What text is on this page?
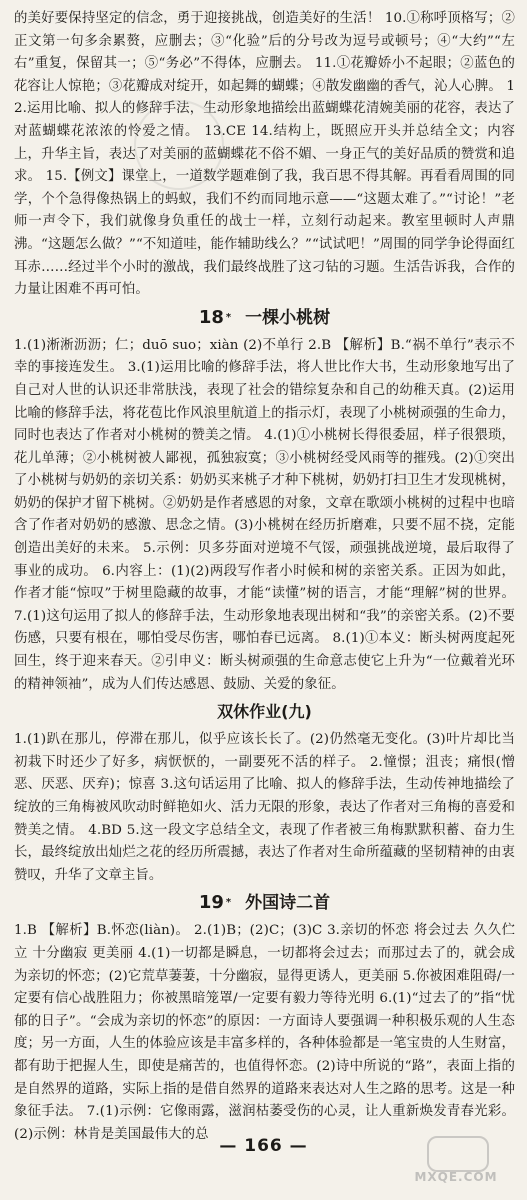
的美好要保持坚定的信念，勇于迎接挑战，创造美好的生活！ 10.①称呼顶格写；②正文第一句多余累赘，应删去；③“化验”后的分号改为逗号或顿号；④“大约”“左右”重复，保留其一；⑤“务必”不得体，应删去。 11.①花瓣娇小不起眼；②蓝色的花容让人惊艳；③花瓣成对绽开，如起舞的蝴蝶；④散发幽幽的香气，沁人心脾。 12.运用比喻、拟人的修辞手法，生动形象地描绘出蓝蝴蝶花清婉美丽的花容，表达了对蓝蝴蝶花浓浓的怜爱之情。 13.CE 14.结构上，既照应开头并总结全文；内容上，升华主旨，表达了对美丽的蓝蝴蝶花不俗不媚、一身正气的美好品质的赞赏和追求。 15.【例文】课堂上，一道数学题难倒了我，我百思不得其解。再看看周围的同学，个个急得像热锅上的蚂蚁，我们不约而同地示意——“这题太难了。”“讨论！”老师一声令下，我们就像身负重任的战士一样，立刻行动起来。教室里顿时人声鼎沸。“这题怎么做？”“不知道哇，能作辅助线么？”“试试吧！”周围的同学争论得面红耳赤……经过半个小时的激战，我们最终战胜了这刁钻的习题。生活告诉我，合作的力量让困难不再可怕。

18 * 一棵小桃树

1.(1)淅淅沥沥；仁；duō suo；xiàn (2)不单行 2.B 【解析】B.“祸不单行”表示不幸的事接连发生。 3.(1)运用比喻的修辞手法，将人世比作大书，生动形象地写出了自己对人世的认识还非常肤浅，表现了社会的错综复杂和自己的幼稚天真。(2)运用比喻的修辞手法，将花苞比作风浪里航道上的指示灯，表现了小桃树顽强的生命力，同时也表达了作者对小桃树的赞美之情。 4.(1)①小桃树长得很委屈，样子很猥琐，花儿单薄；②小桃树被人鄙视，孤独寂寞；③小桃树经受风雨等的摧残。(2)①突出了小桃树与奶奶的亲切关系：奶奶买来桃子才种下桃树，奶奶打扫卫生才发现桃树，奶奶的保护才留下桃树。②奶奶是作者感恩的对象，文章在歌颂小桃树的过程中也暗含了作者对奶奶的感激、思念之情。(3)小桃树在经历折磨难，只要不屈不挠，定能创造出美好的未来。 5.示例：贝多芬面对逆境不气馁，顽强挑战逆境，最后取得了事业的成功。 6.内容上：(1)(2)两段写作者小时候和树的亲密关系。正因为如此，作者才能“惊叹”于树里隐藏的故事，才能“读懂”树的语言，才能“理解”树的世界。 7.(1)这句运用了拟人的修辞手法，生动形象地表现出树和“我”的亲密关系。(2)不要伤感，只要有根在，哪怕受尽伤害，哪怕春已远离。 8.(1)①本义：断头树两度起死回生，终于迎来春天。②引申义：断头树顽强的生命意志使它上升为“一位戴着光环的精神领袖”，成为人们传达感恩、鼓励、关爱的象征。

双休作业(九)

1.(1)趴在那儿，停滞在那儿，似乎应该长长了。(2)仍然毫无变化。(3)叶片却比当初栽下时还少了好多，病恹恹的，一副要死不活的样子。 2.憧憬；沮丧；痛恨(憎恶、厌恶、厌弃)；惊喜 3.这句话运用了比喻、拟人的修辞手法，生动传神地描绘了绽放的三角梅被风吹动时鲜艳如火、活力无限的形象，表达了作者对三角梅的喜爱和赞美之情。 4.BD 5.这一段文字总结全文，表现了作者被三角梅默默积蓄、奋力生长，最终绽放出灿烂之花的经历所震撼，表达了作者对生命所蕴藏的坚韧精神的由衷赞叹，升华了文章主旨。

19 * 外国诗二首

1.B 【解析】B.怀恋(liàn)。 2.(1)B；(2)C；(3)C 3.亲切的怀恋 将会过去 久久伫立 十分幽寂 更美丽 4.(1)一切都是瞬息，一切都将会过去；而那过去了的，就会成为亲切的怀恋；(2)它荒草萋萋，十分幽寂，显得更诱人，更美丽 5.你被困难阻碍/一定要有信心战胜阻力；你被黑暗笼罩/一定要有毅力等待光明 6.(1)“过去了的”指“忧郁的日子”。“会成为亲切的怀恋”的原因：一方面诗人要强调一种积极乐观的人生态度；另一方面，人生的体验应该是丰富多样的，各种体验都是一笔宝贵的人生财富，都有助于把握人生，即使是痛苦的，也值得怀恋。(2)诗中所说的“路”，表面上指的是自然界的道路，实际上指的是借自然界的道路来表达对人生之路的思考。这是一种象征手法。 7.(1)示例：它像雨露，滋润枯萎受伤的心灵，让人重新焕发青春光彩。(2)示例：林肯是美国最伟大的总

— 166 —
MXQE.COM
